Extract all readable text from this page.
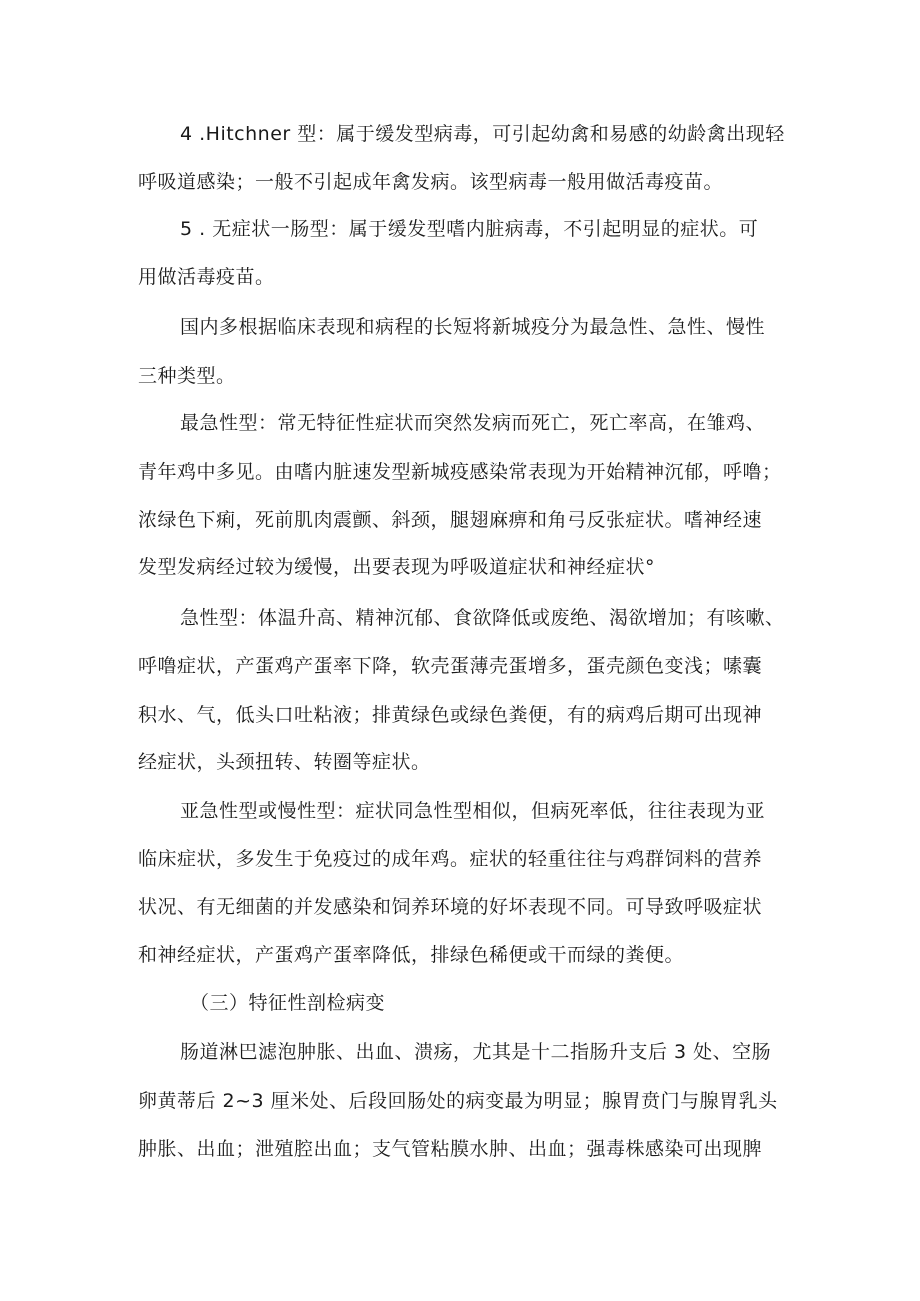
4 .Hitchner 型：属于缓发型病毒，可引起幼禽和易感的幼龄禽出现轻
呼吸道感染；一般不引起成年禽发病。该型病毒一般用做活毒疫苗。
5 . 无症状一肠型：属于缓发型嗜内脏病毒，不引起明显的症状。可
用做活毒疫苗。
国内多根据临床表现和病程的长短将新城疫分为最急性、急性、慢性
三种类型。
最急性型：常无特征性症状而突然发病而死亡，死亡率高，在雏鸡、
青年鸡中多见。由嗜内脏速发型新城疫感染常表现为开始精神沉郁，呼噜；
浓绿色下痢，死前肌肉震颤、斜颈，腿翅麻痹和角弓反张症状。嗜神经速
发型发病经过较为缓慢，出要表现为呼吸道症状和神经症状°
急性型：体温升高、精神沉郁、食欲降低或废绝、渴欲增加；有咳嗽、
呼噜症状，产蛋鸡产蛋率下降，软壳蛋薄壳蛋增多，蛋壳颜色变浅；嗉囊
积水、气，低头口吐粘液；排黄绿色或绿色粪便，有的病鸡后期可出现神
经症状，头颈扭转、转圈等症状。
亚急性型或慢性型：症状同急性型相似，但病死率低，往往表现为亚
临床症状，多发生于免疫过的成年鸡。症状的轻重往往与鸡群饲料的营养
状况、有无细菌的并发感染和饲养环境的好坏表现不同。可导致呼吸症状
和神经症状，产蛋鸡产蛋率降低，排绿色稀便或干而绿的粪便。
（三）特征性剖检病变
肠道淋巴滤泡肿胀、出血、溃疡，尤其是十二指肠升支后 3 处、空肠
卵黄蒂后 2~3 厘米处、后段回肠处的病变最为明显；腺胃贲门与腺胃乳头
肿胀、出血；泄殖腔出血；支气管粘膜水肿、出血；强毒株感染可出现脾
